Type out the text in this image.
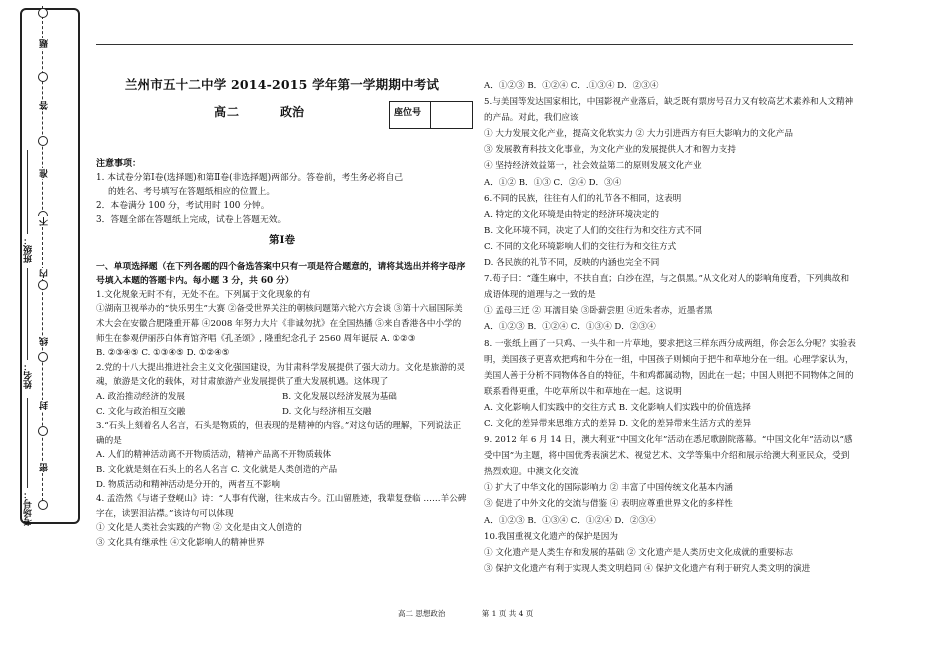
题
答
准
不
内
线
封
密
班级：
姓名：
考场号：
兰州市五十二中学 2014-2015 学年第一学期期中考试
高二	政治	座位号
注意事项：
1. 本试卷分第Ⅰ卷(选择题)和第Ⅱ卷(非选择题)两部分。答卷前，考生务必将自己
的姓名、考号填写在答题纸相应的位置上。
2．本卷满分 100 分，考试用时 100 分钟。
3．答题全部在答题纸上完成，试卷上答题无效。
第Ⅰ卷
一、单项选择题（在下列各题的四个备选答案中只有一项是符合题意的，请将其选出并将字母序号填入本题的答题卡内。每小题 3 分，共 60 分）
1.文化规象无时不有，无处不在。下列属于文化现象的有
①湖南卫视举办的“快乐男生”大赛 ②备受世界关注的朝核问题第六轮六方会谈 ③第十六届国际美术大会在安徽合肥隆重开幕 ④2008 年努力大片《非诚勿扰》在全国热播 ⑤来自香港各中小学的师生在参观伊丽莎白体育馆齐唱《孔圣颂》, 隆重纪念孔子 2560 周年诞辰 A. ①②③
B. ②③④⑤ C. ①③④⑤ D. ①②④⑤
2.党的十八大提出推进社会主义文化强国建设，为甘肃科学发展提供了强大动力。文化是旅游的灵魂，旅游是文化的载体，对甘肃旅游产业发展提供了重大发展机遇。这体现了
A. 政治推动经济的发展	B. 文化发展以经济发展为基础
C. 文化与政治相互交融	D. 文化与经济相互交融
3.“石头上刻着名人名言，石头是物质的，但表现的是精神的内容。”对这句话的理解，下列说法正确的是
A. 人们的精神活动离不开物质活动，精神产品离不开物质载体
B. 文化就是刻在石头上的名人名言 C. 文化就是人类创造的产品
D. 物质活动和精神活动是分开的，两者互不影响
4. 孟浩然《与诸子登岘山》诗：“人事有代谢，往来成古今。江山留胜迹，我辈复登临 ……羊公碑字在，读罢泪沾襟。”该诗句可以体现
① 文化是人类社会实践的产物 ② 文化是由文人创造的
③ 文化具有继承性 ④文化影响人的精神世界
A．①②③ B．①②④ C．.①③④ D．②③④
5.与美国等发达国家相比，中国影视产业落后，缺乏既有票房号召力又有较高艺术素养和人文精神的产品。对此，我们应该
① 大力发展文化产业，提高文化软实力 ② 大力引进西方有巨大影响力的文化产品
③ 发展教育科技文化事业，为文化产业的发展提供人才和智力支持
④ 坚持经济效益第一，社会效益第二的原则发展文化产业
A．①② B．①③ C．②④ D．③④
6.不同的民族，往往有人们的礼节各不相同，这表明
A. 特定的文化环境是由特定的经济环境决定的
B. 文化环境不同，决定了人们的交往行为和交往方式不同
C. 不同的文化环境影响人们的交往行为和交往方式
D. 各民族的礼节不同，反映的内涵也完全不同
7.荀子曰：“蓬生麻中，不扶自直；白沙在涅，与之俱黑。”从文化对人的影响角度看，下列典故和成语体现的道理与之一致的是
① 孟母三迁 ② 耳濡目染 ③卧薪尝胆 ④近朱者赤，近墨者黑
A．①②③ B．①②④ C．①③④ D．②③④
8. 一张纸上画了一只鸡、一头牛和一片草地，要求把这三样东西分成两组，你会怎么分呢？实验表明，美国孩子更喜欢把鸡和牛分在一组，中国孩子则倾向于把牛和草地分在一组。心理学家认为，美国人善于分析不同物体各自的特征，牛和鸡都属动物，因此在一起；中国人则把不同物体之间的联系看得更重，牛吃草所以牛和草地在一起。这说明
A. 文化影响人们实践中的交往方式 B. 文化影响人们实践中的价值选择
C. 文化的差异带来思维方式的差异 D. 文化的差异带来生活方式的差异
9. 2012 年 6 月 14 日，澳大利亚“中国文化年”活动在悉尼歌剧院落幕。“中国文化年”活动以“感受中国”为主题，将中国优秀表演艺术、视觉艺术、文学等集中介绍和展示给澳大利亚民众，受到热烈欢迎。中澳文化交流
① 扩大了中华文化的国际影响力 ② 丰富了中国传统文化基本内涵
③ 促进了中外文化的交流与借鉴 ④ 表明应尊重世界文化的多样性
A．①②③ B．①③④ C．①②④ D．②③④
10.我国重视文化遗产的保护是因为
① 文化遗产是人类生存和发展的基础 ② 文化遗产是人类历史文化成就的重要标志
③ 保护文化遗产有利于实现人类文明趋同 ④ 保护文化遗产有利于研究人类文明的演进
高二 思想政治	第 1 页 共 4 页
